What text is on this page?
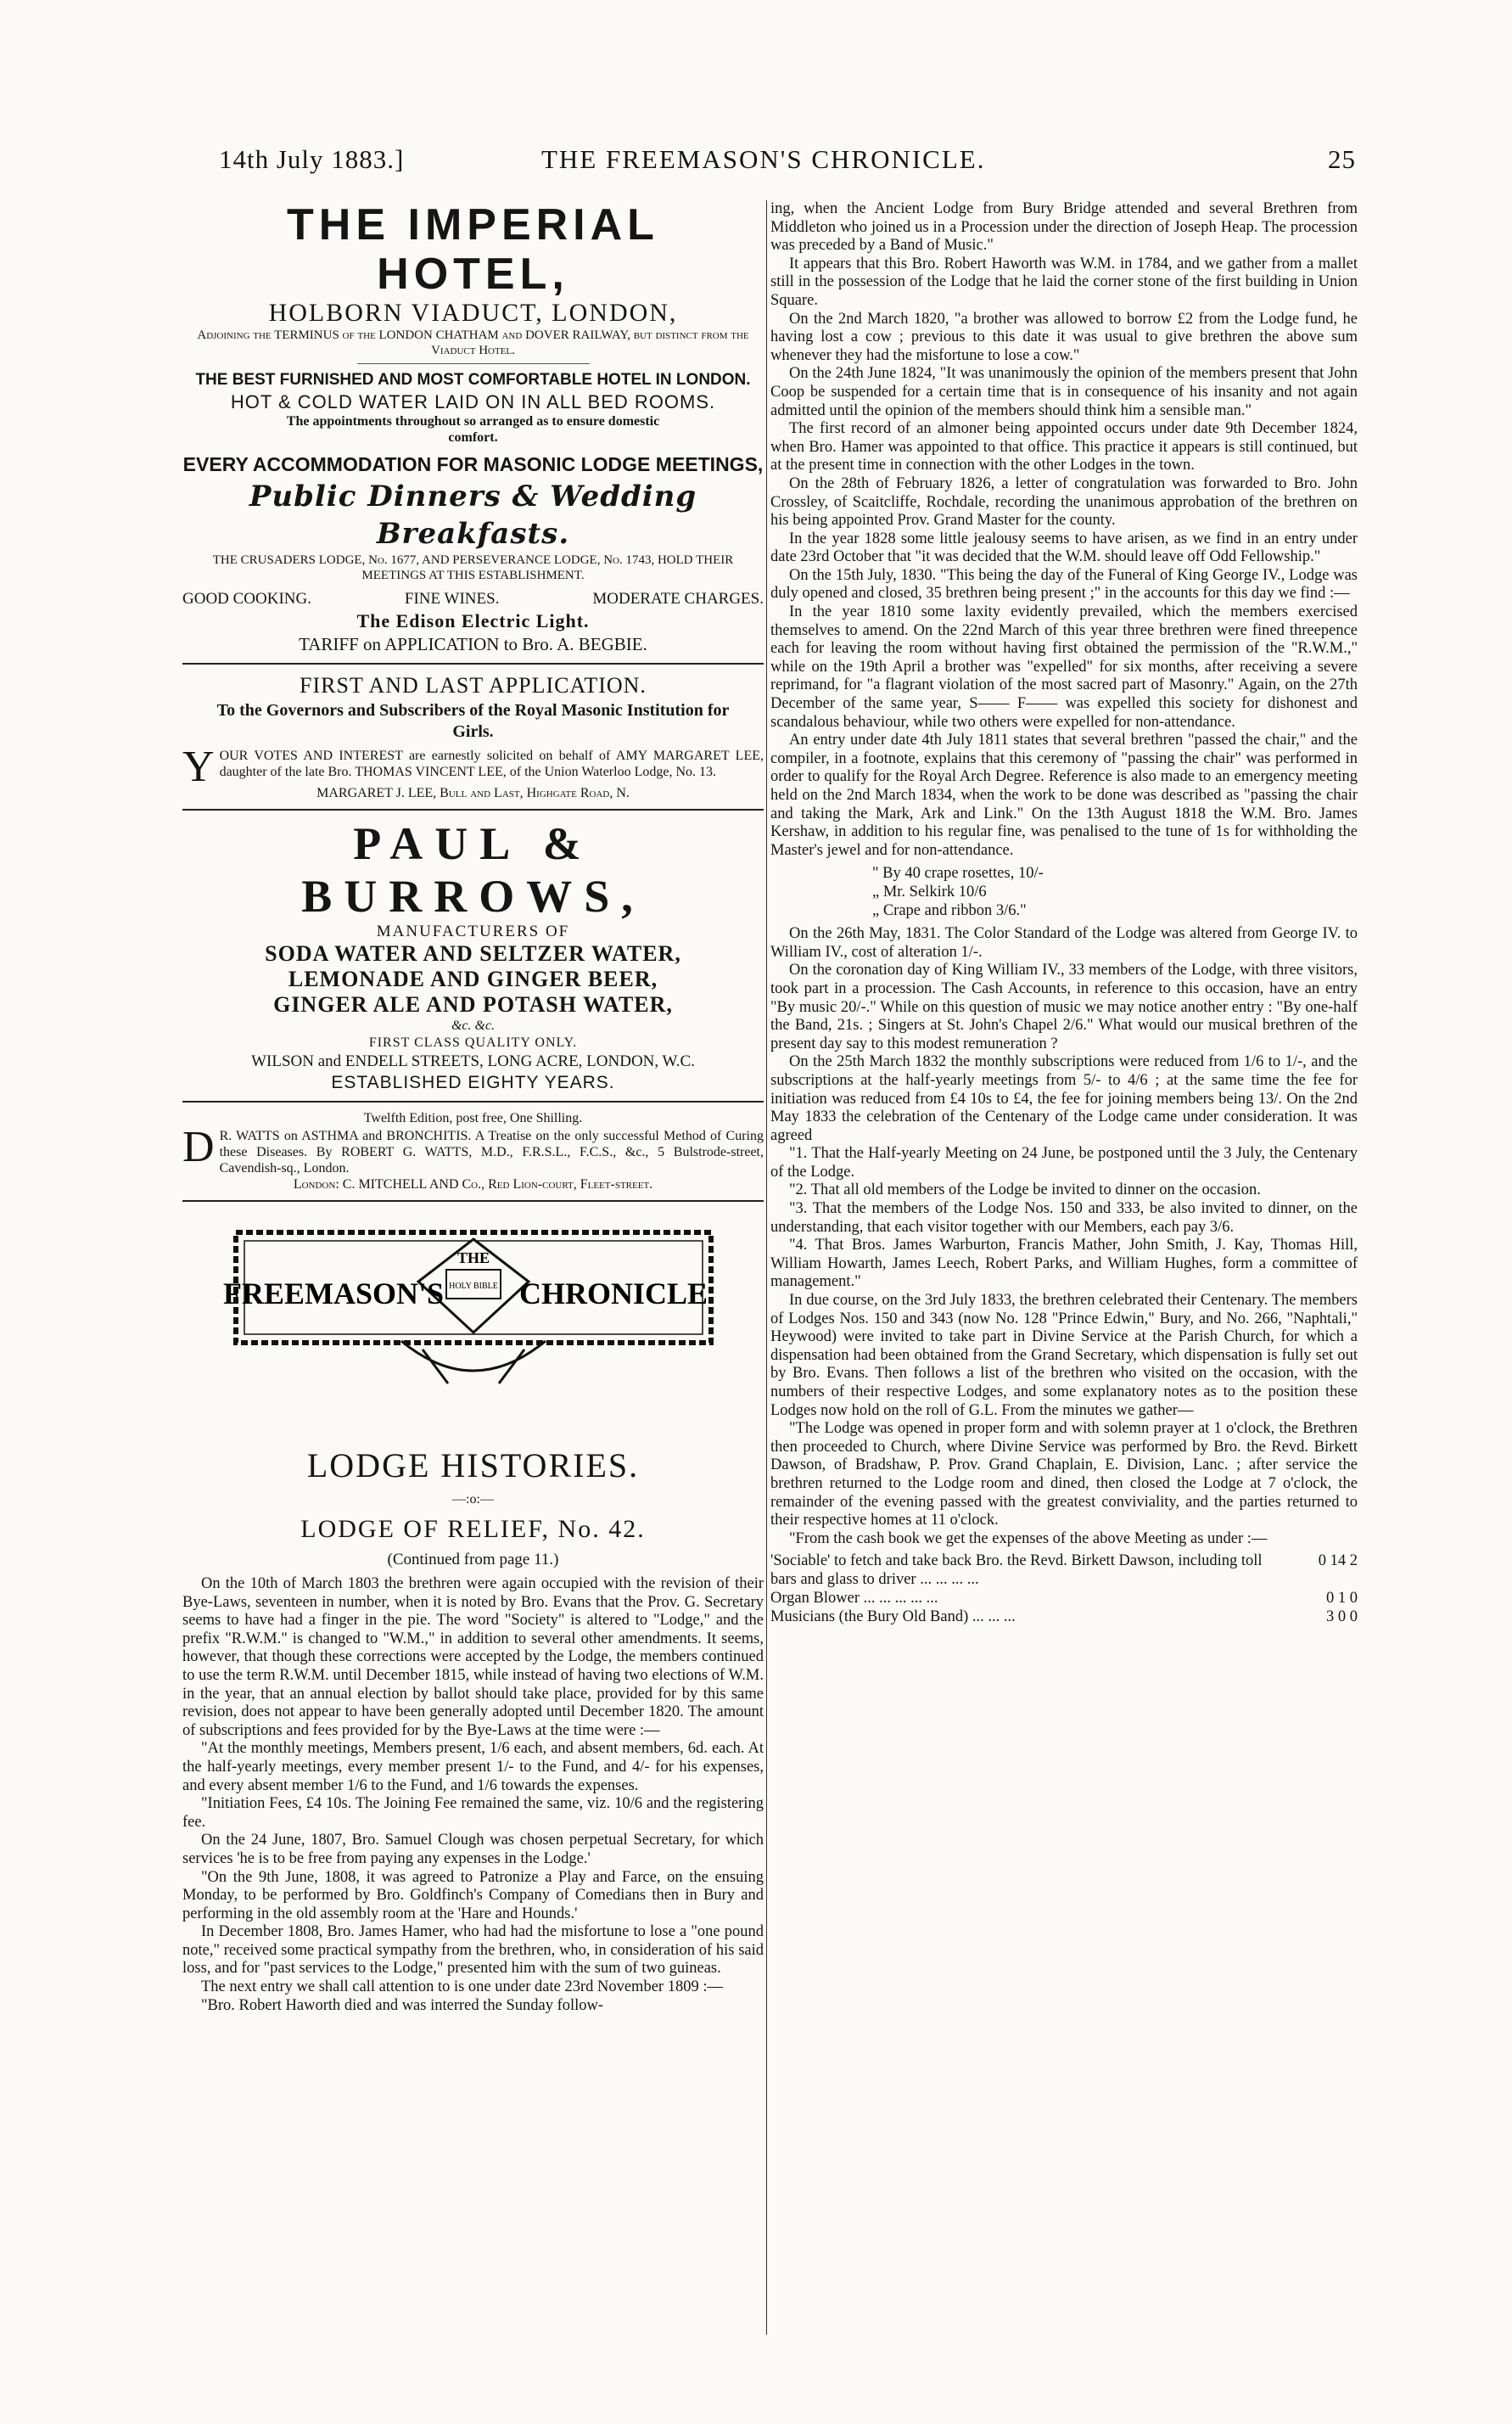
14th July 1883.]	THE FREEMASON'S CHRONICLE.	25
THE IMPERIAL HOTEL,
HOLBORN VIADUCT, LONDON,

Adjoining the TERMINUS of the LONDON CHATHAM and DOVER RAILWAY, but distinct from the Viaduct Hotel.

THE BEST FURNISHED AND MOST COMFORTABLE HOTEL IN LONDON.

HOT & COLD WATER LAID ON IN ALL BED ROOMS.

The appointments throughout so arranged as to ensure domestic comfort.

EVERY ACCOMMODATION FOR MASONIC LODGE MEETINGS,

Public Dinners & Wedding Breakfasts.

THE CRUSADERS LODGE, No. 1677, AND PERSEVERANCE LODGE, No. 1743, HOLD THEIR MEETINGS AT THIS ESTABLISHMENT.

GOOD COOKING.	FINE WINES.	MODERATE CHARGES.

The Edison Electric Light.

TARIFF on APPLICATION to Bro. A. BEGBIE.

FIRST AND LAST APPLICATION.

To the Governors and Subscribers of the Royal Masonic Institution for Girls.

YOUR VOTES AND INTEREST are earnestly solicited on behalf of AMY MARGARET LEE, daughter of the late Bro. THOMAS VINCENT LEE, of the Union Waterloo Lodge, No. 13.

MARGARET J. LEE, Bull and Last, Highgate Road, N.

PAUL & BURROWS,

MANUFACTURERS OF

SODA WATER AND SELTZER WATER,
LEMONADE AND GINGER BEER,
GINGER ALE AND POTASH WATER,

&c. &c.

FIRST CLASS QUALITY ONLY.

WILSON and ENDELL STREETS, LONG ACRE, LONDON, W.C.

ESTABLISHED EIGHTY YEARS.

Twelfth Edition, post free, One Shilling.

D R. WATTS on ASTHMA and BRONCHITIS. A Treatise on the only successful Method of Curing these Diseases. By ROBERT G. WATTS, M.D., F.R.S.L., F.C.S., &c., 5 Bulstrode-street, Cavendish-sq., London.

London: C. MITCHELL AND Co., Red Lion-court, Fleet-street.

THE
HOLY BIBLE
FREEMASON'S CHRONICLE
LODGE HISTORIES.

—:o:—

LODGE OF RELIEF, No. 42.

(Continued from page 11.)

On the 10th of March 1803 the brethren were again occupied with the revision of their Bye-Laws, seventeen in number, when it is noted by Bro. Evans that the Prov. G. Secretary seems to have had a finger in the pie. The word "Society" is altered to "Lodge," and the prefix "R.W.M." is changed to "W.M.," in addition to several other amendments. It seems, however, that though these corrections were accepted by the Lodge, the members continued to use the term R.W.M. until December 1815, while instead of having two elections of W.M. in the year, that an annual election by ballot should take place, provided for by this same revision, does not appear to have been generally adopted until December 1820. The amount of subscriptions and fees provided for by the Bye-Laws at the time were :—

"At the monthly meetings, Members present, 1/6 each, and absent members, 6d. each. At the half-yearly meetings, every member present 1/- to the Fund, and 4/- for his expenses, and every absent member 1/6 to the Fund, and 1/6 towards the expenses.

"Initiation Fees, £4 10s. The Joining Fee remained the same, viz. 10/6 and the registering fee.

On the 24 June, 1807, Bro. Samuel Clough was chosen perpetual Secretary, for which services 'he is to be free from paying any expenses in the Lodge.'

"On the 9th June, 1808, it was agreed to Patronize a Play and Farce, on the ensuing Monday, to be performed by Bro. Goldfinch's Company of Comedians then in Bury and performing in the old assembly room at the 'Hare and Hounds.'

In December 1808, Bro. James Hamer, who had had the misfortune to lose a "one pound note," received some practical sympathy from the brethren, who, in consideration of his said loss, and for "past services to the Lodge," presented him with the sum of two guineas.

The next entry we shall call attention to is one under date 23rd November 1809 :—

"Bro. Robert Haworth died and was interred the Sunday follow-

ing, when the Ancient Lodge from Bury Bridge attended and several Brethren from Middleton who joined us in a Procession under the direction of Joseph Heap. The procession was preceded by a Band of Music."

It appears that this Bro. Robert Haworth was W.M. in 1784, and we gather from a mallet still in the possession of the Lodge that he laid the corner stone of the first building in Union Square.

On the 2nd March 1820, "a brother was allowed to borrow £2 from the Lodge fund, he having lost a cow ; previous to this date it was usual to give brethren the above sum whenever they had the misfortune to lose a cow."

On the 24th June 1824, "It was unanimously the opinion of the members present that John Coop be suspended for a certain time that is in consequence of his insanity and not again admitted until the opinion of the members should think him a sensible man."

The first record of an almoner being appointed occurs under date 9th December 1824, when Bro. Hamer was appointed to that office. This practice it appears is still continued, but at the present time in connection with the other Lodges in the town.

On the 28th of February 1826, a letter of congratulation was forwarded to Bro. John Crossley, of Scaitcliffe, Rochdale, recording the unanimous approbation of the brethren on his being appointed Prov. Grand Master for the county.

In the year 1828 some little jealousy seems to have arisen, as we find in an entry under date 23rd October that "it was decided that the W.M. should leave off Odd Fellowship."

On the 15th July, 1830. "This being the day of the Funeral of King George IV., Lodge was duly opened and closed, 35 brethren being present ;" in the accounts for this day we find :—

In the year 1810 some laxity evidently prevailed, which the members exercised themselves to amend. On the 22nd March of this year three brethren were fined threepence each for leaving the room without having first obtained the permission of the "R.W.M.," while on the 19th April a brother was "expelled" for six months, after receiving a severe reprimand, for "a flagrant violation of the most sacred part of Masonry." Again, on the 27th December of the same year, S—— F—— was expelled this society for dishonest and scandalous behaviour, while two others were expelled for non-attendance.

An entry under date 4th July 1811 states that several brethren "passed the chair," and the compiler, in a footnote, explains that this ceremony of "passing the chair" was performed in order to qualify for the Royal Arch Degree. Reference is also made to an emergency meeting held on the 2nd March 1834, when the work to be done was described as "passing the chair and taking the Mark, Ark and Link." On the 13th August 1818 the W.M. Bro. James Kershaw, in addition to his regular fine, was penalised to the tune of 1s for withholding the Master's jewel and for non-attendance.

" By 40 crape rosettes, 10/-

„ Mr. Selkirk 10/6

„ Crape and ribbon 3/6."

On the 26th May, 1831. The Color Standard of the Lodge was altered from George IV. to William IV., cost of alteration 1/-.

On the coronation day of King William IV., 33 members of the Lodge, with three visitors, took part in a procession. The Cash Accounts, in reference to this occasion, have an entry "By music 20/-." While on this question of music we may notice another entry : "By one-half the Band, 21s. ; Singers at St. John's Chapel 2/6." What would our musical brethren of the present day say to this modest remuneration ?

On the 25th March 1832 the monthly subscriptions were reduced from 1/6 to 1/-, and the subscriptions at the half-yearly meetings from 5/- to 4/6 ; at the same time the fee for initiation was reduced from £4 10s to £4, the fee for joining members being 13/. On the 2nd May 1833 the celebration of the Centenary of the Lodge came under consideration. It was agreed

"1. That the Half-yearly Meeting on 24 June, be postponed until the 3 July, the Centenary of the Lodge.

"2. That all old members of the Lodge be invited to dinner on the occasion.

"3. That the members of the Lodge Nos. 150 and 333, be also invited to dinner, on the understanding, that each visitor together with our Members, each pay 3/6.

"4. That Bros. James Warburton, Francis Mather, John Smith, J. Kay, Thomas Hill, William Howarth, James Leech, Robert Parks, and William Hughes, form a committee of management."

In due course, on the 3rd July 1833, the brethren celebrated their Centenary. The members of Lodges Nos. 150 and 343 (now No. 128 "Prince Edwin," Bury, and No. 266, "Naphtali," Heywood) were invited to take part in Divine Service at the Parish Church, for which a dispensation had been obtained from the Grand Secretary, which dispensation is fully set out by Bro. Evans. Then follows a list of the brethren who visited on the occasion, with the numbers of their respective Lodges, and some explanatory notes as to the position these Lodges now hold on the roll of G.L. From the minutes we gather—

"The Lodge was opened in proper form and with solemn prayer at 1 o'clock, the Brethren then proceeded to Church, where Divine Service was performed by Bro. the Revd. Birkett Dawson, of Bradshaw, P. Prov. Grand Chaplain, E. Division, Lanc. ; after service the brethren returned to the Lodge room and dined, then closed the Lodge at 7 o'clock, the remainder of the evening passed with the greatest conviviality, and the parties returned to their respective homes at 11 o'clock.

"From the cash book we get the expenses of the above Meeting as under :—

'Sociable' to fetch and take back Bro. the Revd. Birkett Dawson, including toll bars and glass to driver ... ... ... ...	0 14 2
Organ Blower ... ... ... ... ...	0 1 0
Musicians (the Bury Old Band) ... ... ...	3 0 0
